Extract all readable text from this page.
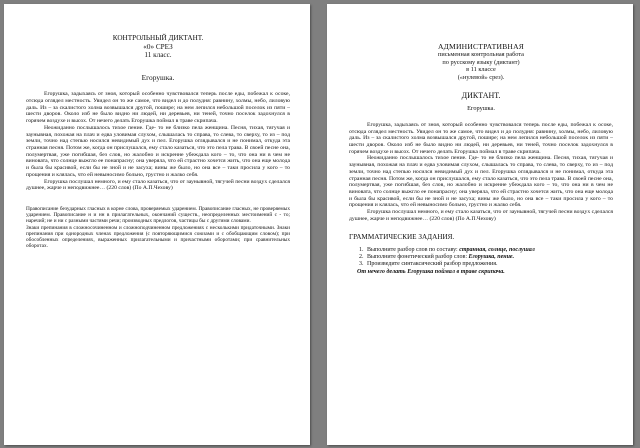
КОНТРОЛЬНЫЙ ДИКТАНТ.
«0» СРЕЗ
11 класс.
Егорушка.

Егорушка, задыхаясь от зноя, который особенно чувствовался теперь после еды, побежал к осоке, отсюда оглядел местность. Увидел он то же самое, что видел и до полудня: равнину, холмы, небо, лиловую даль. Из – за скалистого холма возвышался другой, пошире; на нем лепился небольшой поселок из пяти – шести дворов. Около изб не было видно ни людей, ни деревьев, ни теней, точно поселок задохнулся в горячем воздухе и высох. От нечего делать Егорушка поймал в траве скрипача.

Неожиданно послышалось тихое пение. Где- то не близко пела женщина. Песня, тихая, тягучая и заунывная, похожая на плач и едва уловимая слухом, слышалась то справа, то слева, то сверху, то из – под земли, точно над степью носился невидимый дух и пел. Егорушка оглядывался и не понимал, откуда эта странная песня. Потом же, когда он прислушался, ему стало казаться, что это пела трава. В своей песне она, полумертвая, уже погибшая, без слов, но жалобно и искренне убеждала кого – то, что она ни в чем не виновата, что солнце выжгло ее понапрасну; она уверяла, что ей страстно хочется жить, что она еще молода и была бы красивой, если бы не зной и не засуха; вины же было, но она все – таки просила у кого – то прощения и клялась, что ей невыносимо больно, грустно и жалко себя.

Егорушка послушал немного, и ему стало казаться, что от заунывной, тягучей песни воздух сделался душнее, жарче и неподвижнее… (220 слов) (По А.П.Чехову)

Правописание безударных гласных в корне слова, проверяемых ударением. Правописание гласных, не проверяемых ударением. Правописание н и нн в прилагательных, окончаний существ., неопределенных местоимений с - то; наречий; не и ни с разными частями речи; производных предлогов, частицы бы с другими словами.

Знаки препинания в сложносочиненном и сложноподчиненном предложениях с несколькими придаточными. Знаки препинания при однородных членах предложения (с повторяющимися союзами и с обобщающим словом); при обособленных определениях, выраженных прилагательными и причастными оборотами; при сравнительных оборотах.

АДМИНИСТРАТИВНАЯ
письменная контрольная работа
по русскому языку (диктант)
в 11 классе
(«нулевой» срез).
ДИКТАНТ.
Егорушка.

Егорушка, задыхаясь от зноя, который особенно чувствовался теперь после еды, побежал к осоке, отсюда оглядел местность. Увидел он то же самое, что видел и до полудня: равнину, холмы, небо, лиловую даль. Из – за скалистого холма возвышался другой, пошире; на нем лепился небольшой поселок из пяти – шести дворов. Около изб не было видно ни людей, ни деревьев, ни теней, точно поселок задохнулся в горячем воздухе и высох. От нечего делать Егорушка поймал в траве скрипача.

Неожиданно послышалось тихое пение. Где- то не близко пела женщина. Песня, тихая, тягучая и заунывная, похожая на плач и едва уловимая слухом, слышалась то справа, то слева, то сверху, то из – под земли, точно над степью носился невидимый дух и пел. Егорушка оглядывался и не понимал, откуда эта странная песня. Потом же, когда он прислушался, ему стало казаться, что это пела трава. В своей песне она, полумертвая, уже погибшая, без слов, но жалобно и искренне убеждала кого – то, что она ни в чем не виновата, что солнце выжгло ее понапрасну; она уверяла, что ей страстно хочется жить, что она еще молода и была бы красивой, если бы не зной и не засуха; вины же было, но она все – таки просила у кого – то прощения и клялась, что ей невыносимо больно, грустно и жалко себя.

Егорушка послушал немного, и ему стало казаться, что от заунывной, тягучей песни воздух сделался душнее, жарче и неподвижнее… (220 слов) (По А.П.Чехову)

ГРАММАТИЧЕСКИЕ ЗАДАНИЯ.
1. Выполните разбор слов по составу: странная, солнце, послушал
2. Выполните фонетический разбор слов: Егорушка, пение.
3. Произведите синтаксический разбор предложения.
От нечего делать Егорушка поймал в траве скрипача.
